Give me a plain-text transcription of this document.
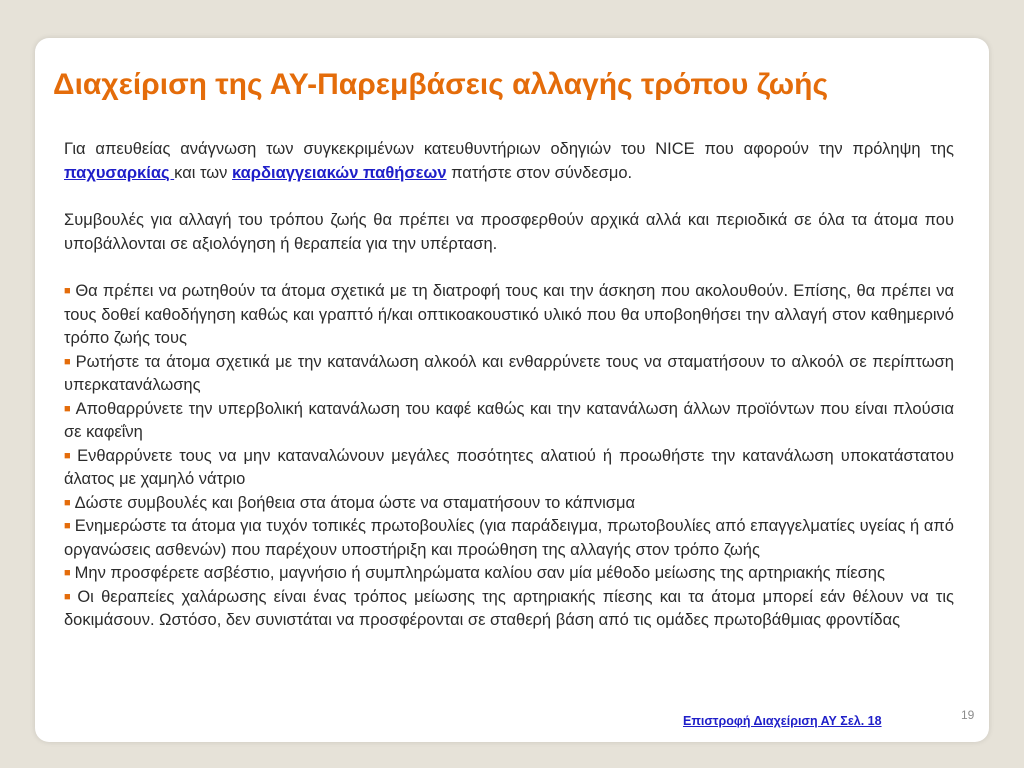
Διαχείριση της ΑΥ-Παρεμβάσεις αλλαγής τρόπου ζωής

Για απευθείας ανάγνωση των συγκεκριμένων κατευθυντήριων οδηγιών του NICE που αφορούν την πρόληψη της παχυσαρκίας και των καρδιαγγειακών παθήσεων πατήστε στον σύνδεσμο.

Συμβουλές για αλλαγή του τρόπου ζωής θα πρέπει να προσφερθούν αρχικά αλλά και περιοδικά σε όλα τα άτομα που υποβάλλονται σε αξιολόγηση ή θεραπεία για την υπέρταση.

■ Θα πρέπει να ρωτηθούν τα άτομα σχετικά με τη διατροφή τους και την άσκηση που ακολουθούν. Επίσης, θα πρέπει να τους δοθεί καθοδήγηση καθώς και γραπτό ή/και οπτικοακουστικό υλικό που θα υποβοηθήσει την αλλαγή στον καθημερινό τρόπο ζωής τους
■ Ρωτήστε τα άτομα σχετικά με την κατανάλωση αλκοόλ και ενθαρρύνετε τους να σταματήσουν το αλκοόλ σε περίπτωση υπερκατανάλωσης
■ Αποθαρρύνετε την υπερβολική κατανάλωση του καφέ καθώς και την κατανάλωση άλλων προϊόντων που είναι πλούσια σε καφεΐνη
■ Ενθαρρύνετε τους να μην καταναλώνουν μεγάλες ποσότητες αλατιού ή προωθήστε την κατανάλωση υποκατάστατου άλατος με χαμηλό νάτριο
■ Δώστε συμβουλές και βοήθεια στα άτομα ώστε να σταματήσουν το κάπνισμα
■ Ενημερώστε τα άτομα για τυχόν τοπικές πρωτοβουλίες (για παράδειγμα, πρωτοβουλίες από επαγγελματίες υγείας ή από οργανώσεις ασθενών) που παρέχουν υποστήριξη και προώθηση της αλλαγής στον τρόπο ζωής
■ Μην προσφέρετε ασβέστιο, μαγνήσιο ή συμπληρώματα καλίου σαν μία μέθοδο μείωσης της αρτηριακής πίεσης
■ Οι θεραπείες χαλάρωσης είναι ένας τρόπος μείωσης της αρτηριακής πίεσης και τα άτομα μπορεί εάν θέλουν να τις δοκιμάσουν. Ωστόσο, δεν συνιστάται να προσφέρονται σε σταθερή βάση από τις ομάδες πρωτοβάθμιας φροντίδας
19
Επιστροφή Διαχείριση ΑΥ Σελ. 18
